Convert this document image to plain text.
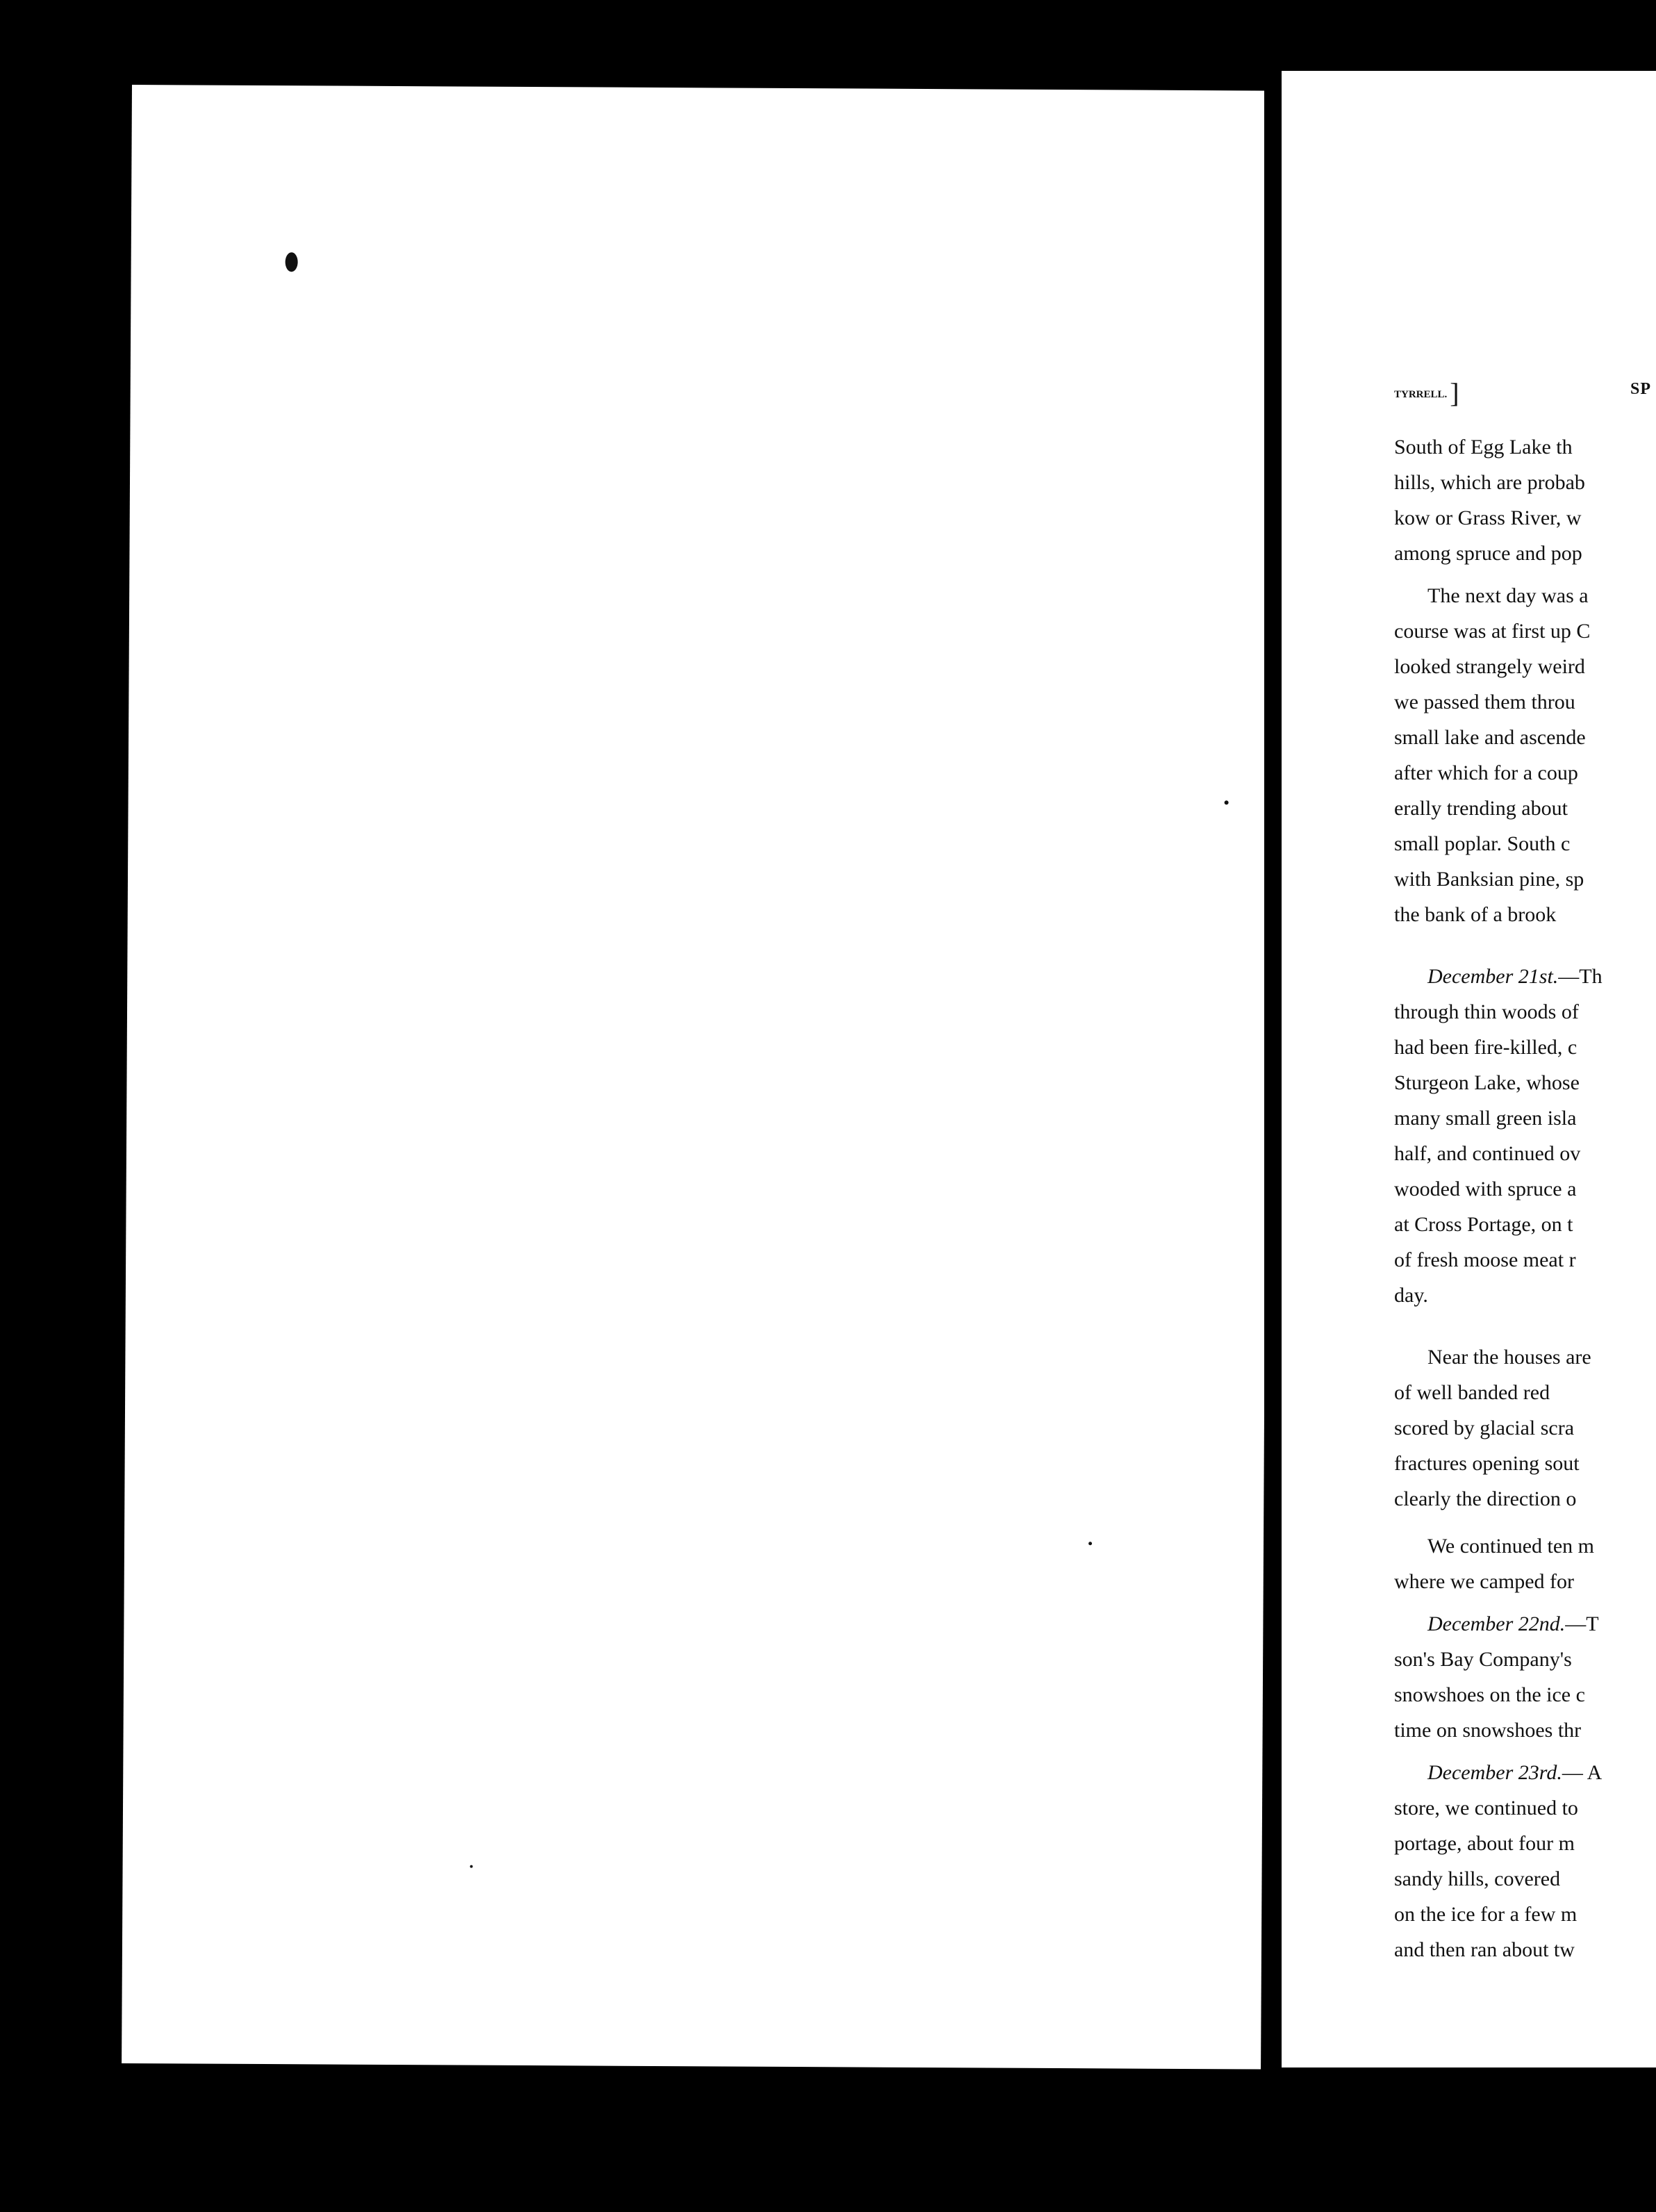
TYRRELL. ]	SP
South of Egg Lake th
hills, which are probab
kow or Grass River, w
among spruce and pop
The next day was a
course was at first up C
looked strangely weird
we passed them throu
small lake and ascende
after which for a coup
erally trending about
small poplar. South c
with Banksian pine, sp
the bank of a brook
December 21st.—Th
through thin woods of
had been fire-killed, c
Sturgeon Lake, whose
many small green isla
half, and continued ov
wooded with spruce a
at Cross Portage, on t
of fresh moose meat r
day.
Near the houses are
of well banded red
scored by glacial scra
fractures opening sout
clearly the direction o
We continued ten m
where we camped for
December 22nd.—T
son's Bay Company's
snowshoes on the ice c
time on snowshoes thr
December 23rd.— A
store, we continued to
portage, about four m
sandy hills, covered
on the ice for a few m
and then ran about tw
